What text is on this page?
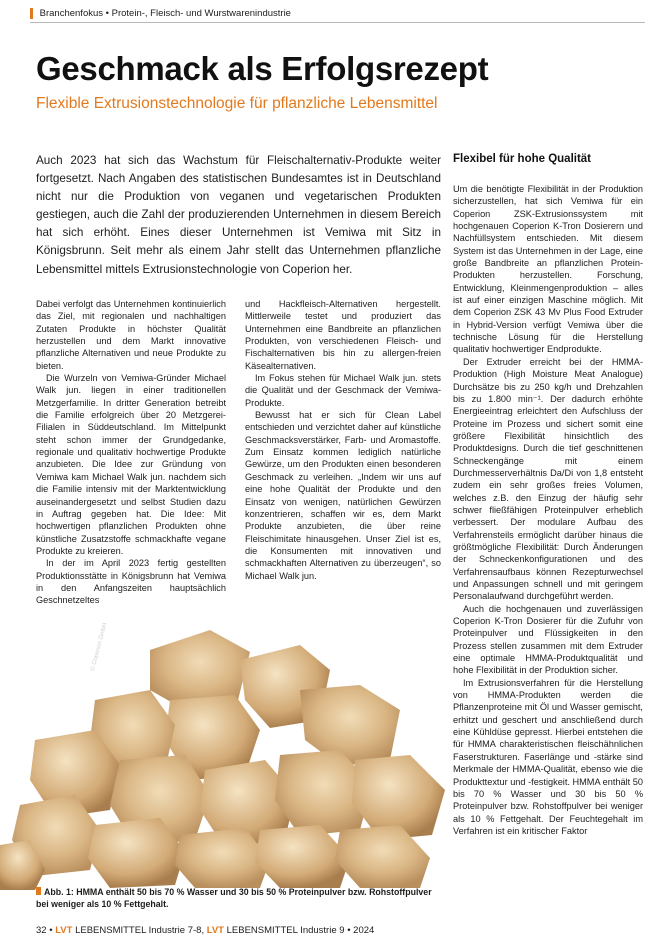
Branchenfokus • Protein-, Fleisch- und Wurstwarenindustrie
Geschmack als Erfolgsrezept
Flexible Extrusionstechnologie für pflanzliche Lebensmittel
Auch 2023 hat sich das Wachstum für Fleischalternativ-Produkte weiter fortgesetzt. Nach Angaben des statistischen Bundesamtes ist in Deutschland nicht nur die Produktion von veganen und vegetarischen Produkten gestiegen, auch die Zahl der produzierenden Unternehmen in diesem Bereich hat sich erhöht. Eines dieser Unternehmen ist Vemiwa mit Sitz in Königsbrunn. Seit mehr als einem Jahr stellt das Unternehmen pflanzliche Lebensmittel mittels Extrusionstechnologie von Coperion her.

Dabei verfolgt das Unternehmen kontinuierlich das Ziel, mit regionalen und nachhaltigen Zutaten Produkte in höchster Qualität herzustellen und dem Markt innovative pflanzliche Alternativen und neue Produkte zu bieten.

Die Wurzeln von Vemiwa-Gründer Michael Walk jun. liegen in einer traditionellen Metzgerfamilie. In dritter Generation betreibt die Familie erfolgreich über 20 Metzgerei-Filialen in Süddeutschland. Im Mittelpunkt steht schon immer der Grundgedanke, regionale und qualitativ hochwertige Produkte anzubieten. Die Idee zur Gründung von Vemiwa kam Michael Walk jun. nachdem sich die Familie intensiv mit der Marktentwicklung auseinandergesetzt und selbst Studien dazu in Auftrag gegeben hat. Die Idee: Mit hochwertigen pflanzlichen Produkten ohne künstliche Zusatzstoffe schmackhafte vegane Produkte zu kreieren.

In der im April 2023 fertig gestellten Produktionsstätte in Königsbrunn hat Vemiwa in den Anfangszeiten hauptsächlich Geschnetzeltes

und Hackfleisch-Alternativen hergestellt. Mittlerweile testet und produziert das Unternehmen eine Bandbreite an pflanzlichen Produkten, von verschiedenen Fleisch- und Fischalternativen bis hin zu allergen-freien Käsealternativen.

Im Fokus stehen für Michael Walk jun. stets die Qualität und der Geschmack der Vemiwa-Produkte.

Bewusst hat er sich für Clean Label entschieden und verzichtet daher auf künstliche Geschmacksverstärker, Farb- und Aromastoffe. Zum Einsatz kommen lediglich natürliche Gewürze, um den Produkten einen besonderen Geschmack zu verleihen. „Indem wir uns auf eine hohe Qualität der Produkte und den Einsatz von wenigen, natürlichen Gewürzen konzentrieren, schaffen wir es, dem Markt Produkte anzubieten, die über reine Fleischimitate hinausgehen. Unser Ziel ist es, die Konsumenten mit innovativen und schmackhaften Alternativen zu überzeugen“, so Michael Walk jun.

Flexibel für hohe Qualität

Um die benötigte Flexibilität in der Produktion sicherzustellen, hat sich Vemiwa für ein Coperion ZSK-Extrusionssystem mit hochgenauen Coperion K-Tron Dosierern und Nachfüllsystem entschieden. Mit diesem System ist das Unternehmen in der Lage, eine große Bandbreite an pflanzlichen Protein-Produkten herzustellen. Forschung, Entwicklung, Kleinmengenproduktion – alles ist auf einer einzigen Maschine möglich. Mit dem Coperion ZSK 43 Mv Plus Food Extruder in Hybrid-Version verfügt Vemiwa über die technische Lösung für die Herstellung qualitativ hochwertiger Endprodukte.

Der Extruder erreicht bei der HMMA-Produktion (High Moisture Meat Analogue) Durchsätze bis zu 250 kg/h und Drehzahlen bis zu 1.800 min⁻¹. Der dadurch erhöhte Energieeintrag erleichtert den Aufschluss der Proteine im Prozess und sichert somit eine größere Flexibilität hinsichtlich des Produktdesigns. Durch die tief geschnittenen Schneckengänge mit einem Durchmesserverhältnis Da/Di von 1,8 entsteht zudem ein sehr großes freies Volumen, welches z.B. den Einzug der häufig sehr schwer fließfähigen Proteinpulver erheblich verbessert. Der modulare Aufbau des Verfahrensteils ermöglicht darüber hinaus die größtmögliche Flexibilität: Durch Änderungen der Schneckenkonfigurationen und des Verfahrensaufbaus können Rezepturwechsel und Anpassungen schnell und mit geringem Personalaufwand durchgeführt werden.

Auch die hochgenauen und zuverlässigen Coperion K-Tron Dosierer für die Zufuhr von Proteinpulver und Flüssigkeiten in den Prozess stellen zusammen mit dem Extruder eine optimale HMMA-Produktqualität und hohe Flexibilität in der Produktion sicher.

Im Extrusionsverfahren für die Herstellung von HMMA-Produkten werden die Pflanzenproteine mit Öl und Wasser gemischt, erhitzt und geschert und anschließend durch eine Kühldüse gepresst. Hierbei entstehen die für HMMA charakteristischen fleischähnlichen Faserstrukturen. Faserlänge und -stärke sind Merkmale der HMMA-Qualität, ebenso wie die Produkttextur und -festigkeit. HMMA enthält 50 bis 70 % Wasser und 30 bis 50 % Proteinpulver bzw. Rohstoffpulver bei weniger als 10 % Fettgehalt. Der Feuchtegehalt im Verfahren ist ein kritischer Faktor

© Coperion GmbH
Abb. 1: HMMA enthält 50 bis 70 % Wasser und 30 bis 50 % Proteinpulver bzw. Rohstoffpulver bei weniger als 10 % Fettgehalt.
32 • LVT LEBENSMITTEL Industrie 7-8, LVT LEBENSMITTEL Industrie 9 • 2024
